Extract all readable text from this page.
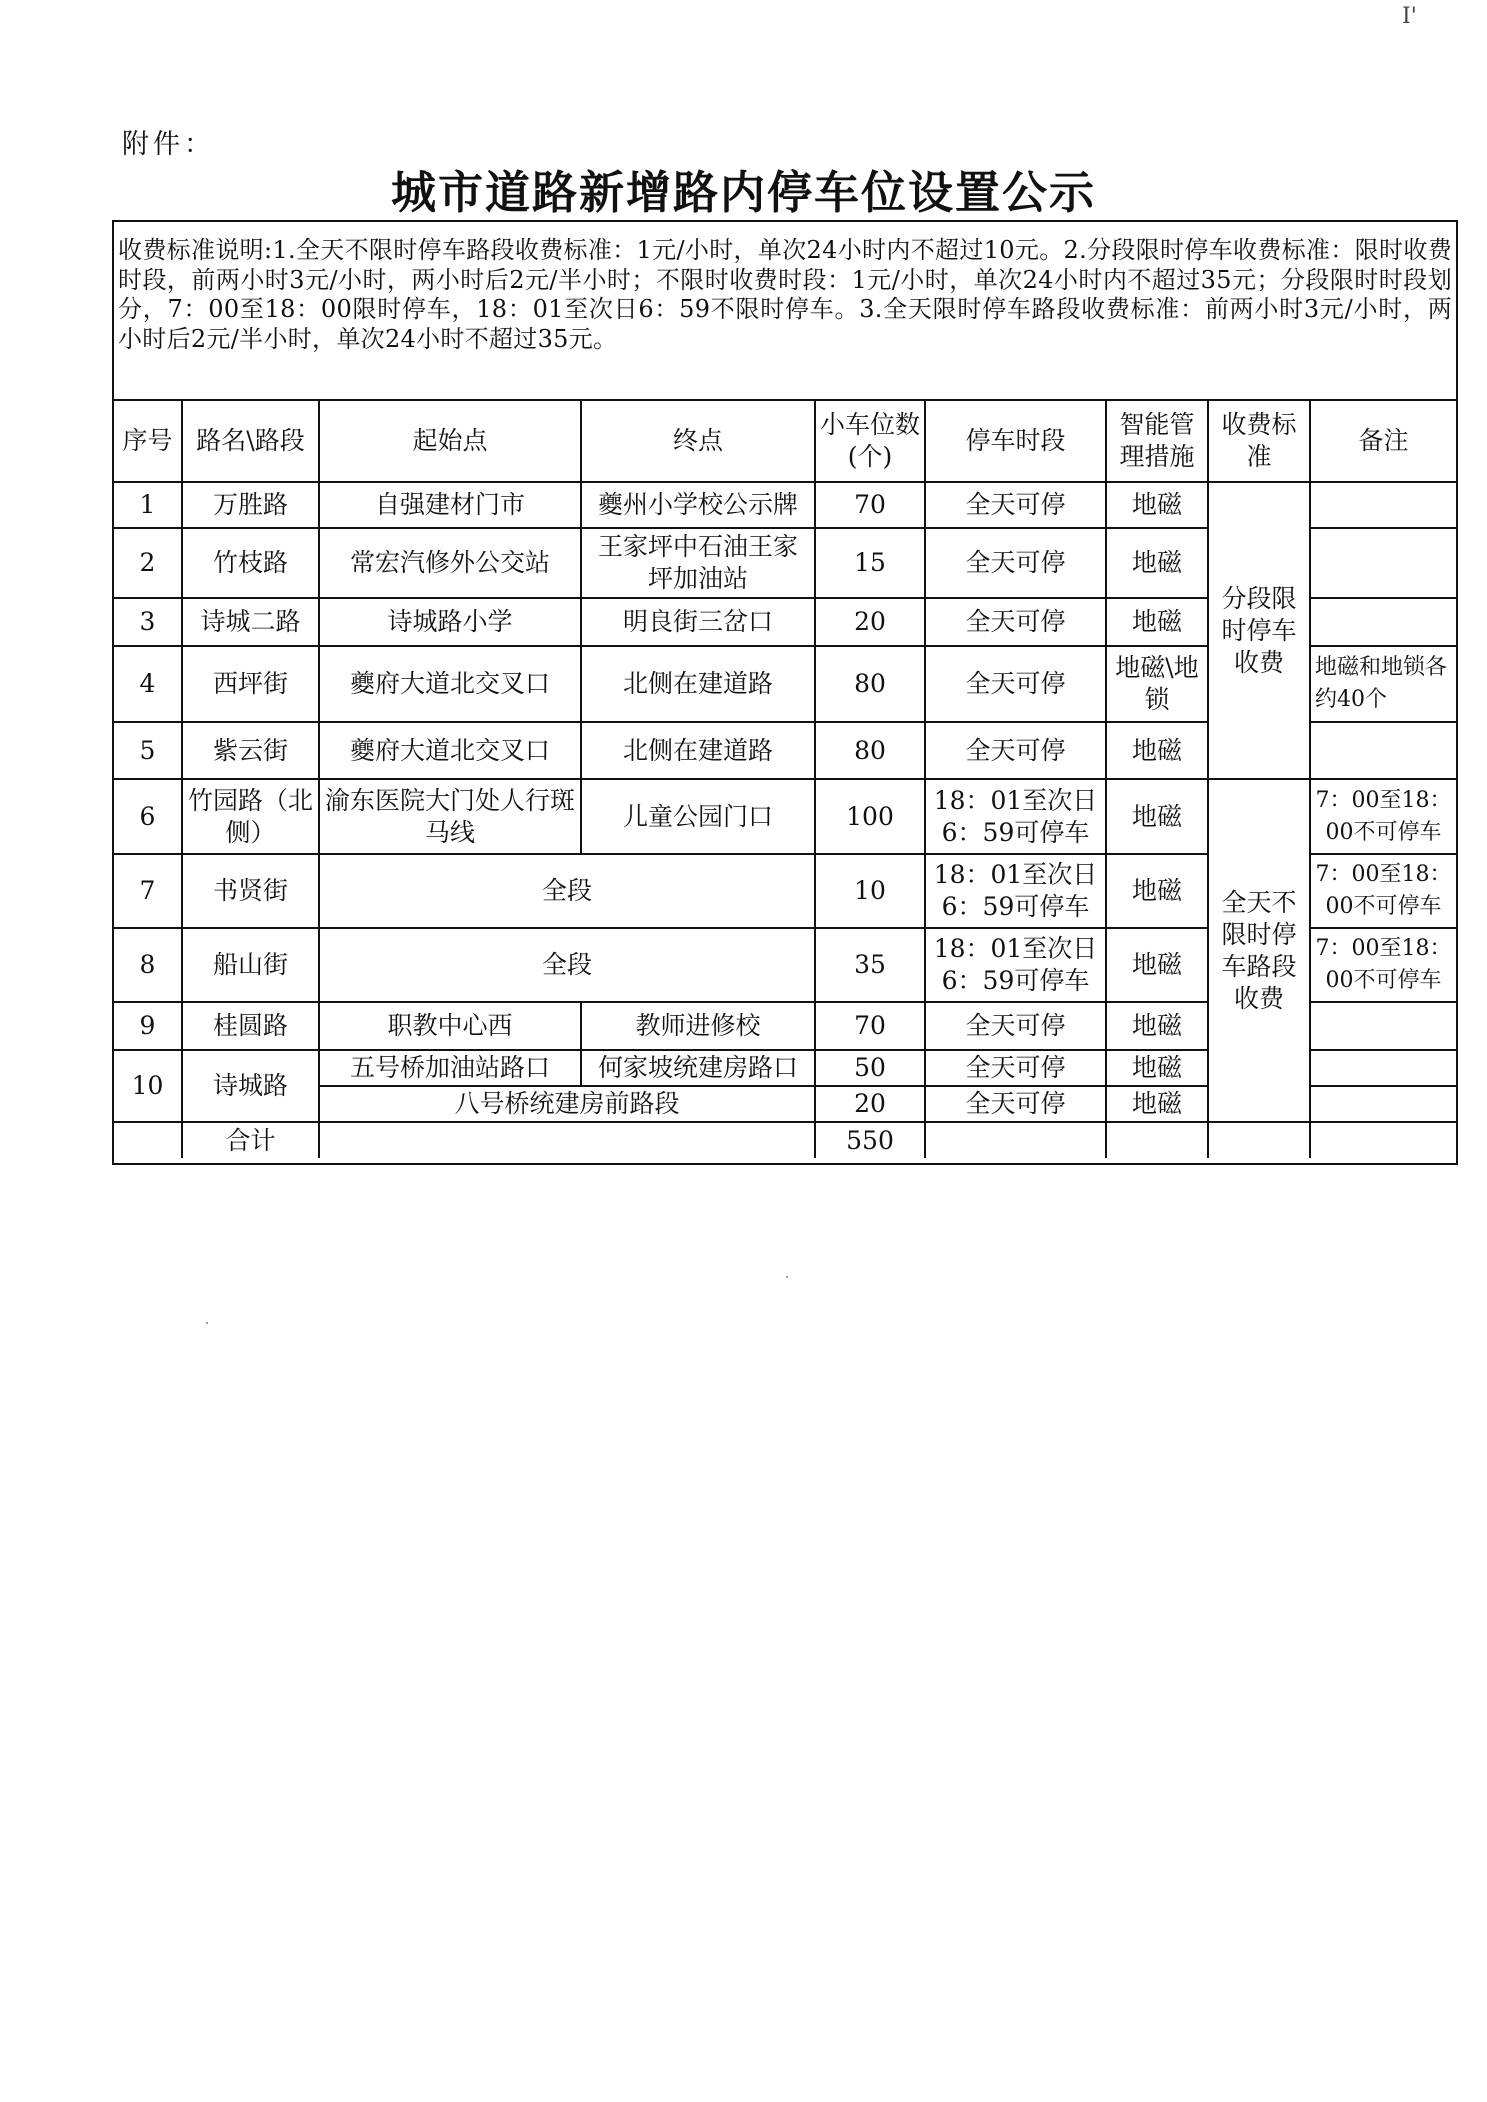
I'
附件：
城市道路新增路内停车位设置公示
收费标准说明:1.全天不限时停车路段收费标准：1元/小时，单次24小时内不超过10元。2.分段限时停车收费标准：限时收费时段，前两小时3元/小时，两小时后2元/半小时；不限时收费时段：1元/小时，单次24小时内不超过35元；分段限时时段划分，7：00至18：00限时停车，18：01至次日6：59不限时停车。3.全天限时停车路段收费标准：前两小时3元/小时，两小时后2元/半小时，单次24小时不超过35元。
序号	路名\路段	起始点	终点	小车位数(个)	停车时段	智能管理措施	收费标准	备注
1	万胜路	自强建材门市	夔州小学校公示牌	70	全天可停	地磁	分段限时停车收费	
2	竹枝路	常宏汽修外公交站	王家坪中石油王家坪加油站	15	全天可停	地磁		
3	诗城二路	诗城路小学	明良街三岔口	20	全天可停	地磁		
4	西坪街	夔府大道北交叉口	北侧在建道路	80	全天可停	地磁\地锁		地磁和地锁各约40个
5	紫云街	夔府大道北交叉口	北侧在建道路	80	全天可停	地磁		
6	竹园路（北侧）	渝东医院大门处人行斑马线	儿童公园门口	100	18：01至次日6：59可停车	地磁	全天不限时停车路段收费	7：00至18：00不可停车
7	书贤街	全段		10	18：01至次日6：59可停车	地磁		7：00至18：00不可停车
8	船山街	全段		35	18：01至次日6：59可停车	地磁		7：00至18：00不可停车
9	桂圆路	职教中心西	教师进修校	70	全天可停	地磁		
10	诗城路	五号桥加油站路口	何家坡统建房路口	50	全天可停	地磁		
		八号桥统建房前路段		20	全天可停	地磁		
	合计			550				
